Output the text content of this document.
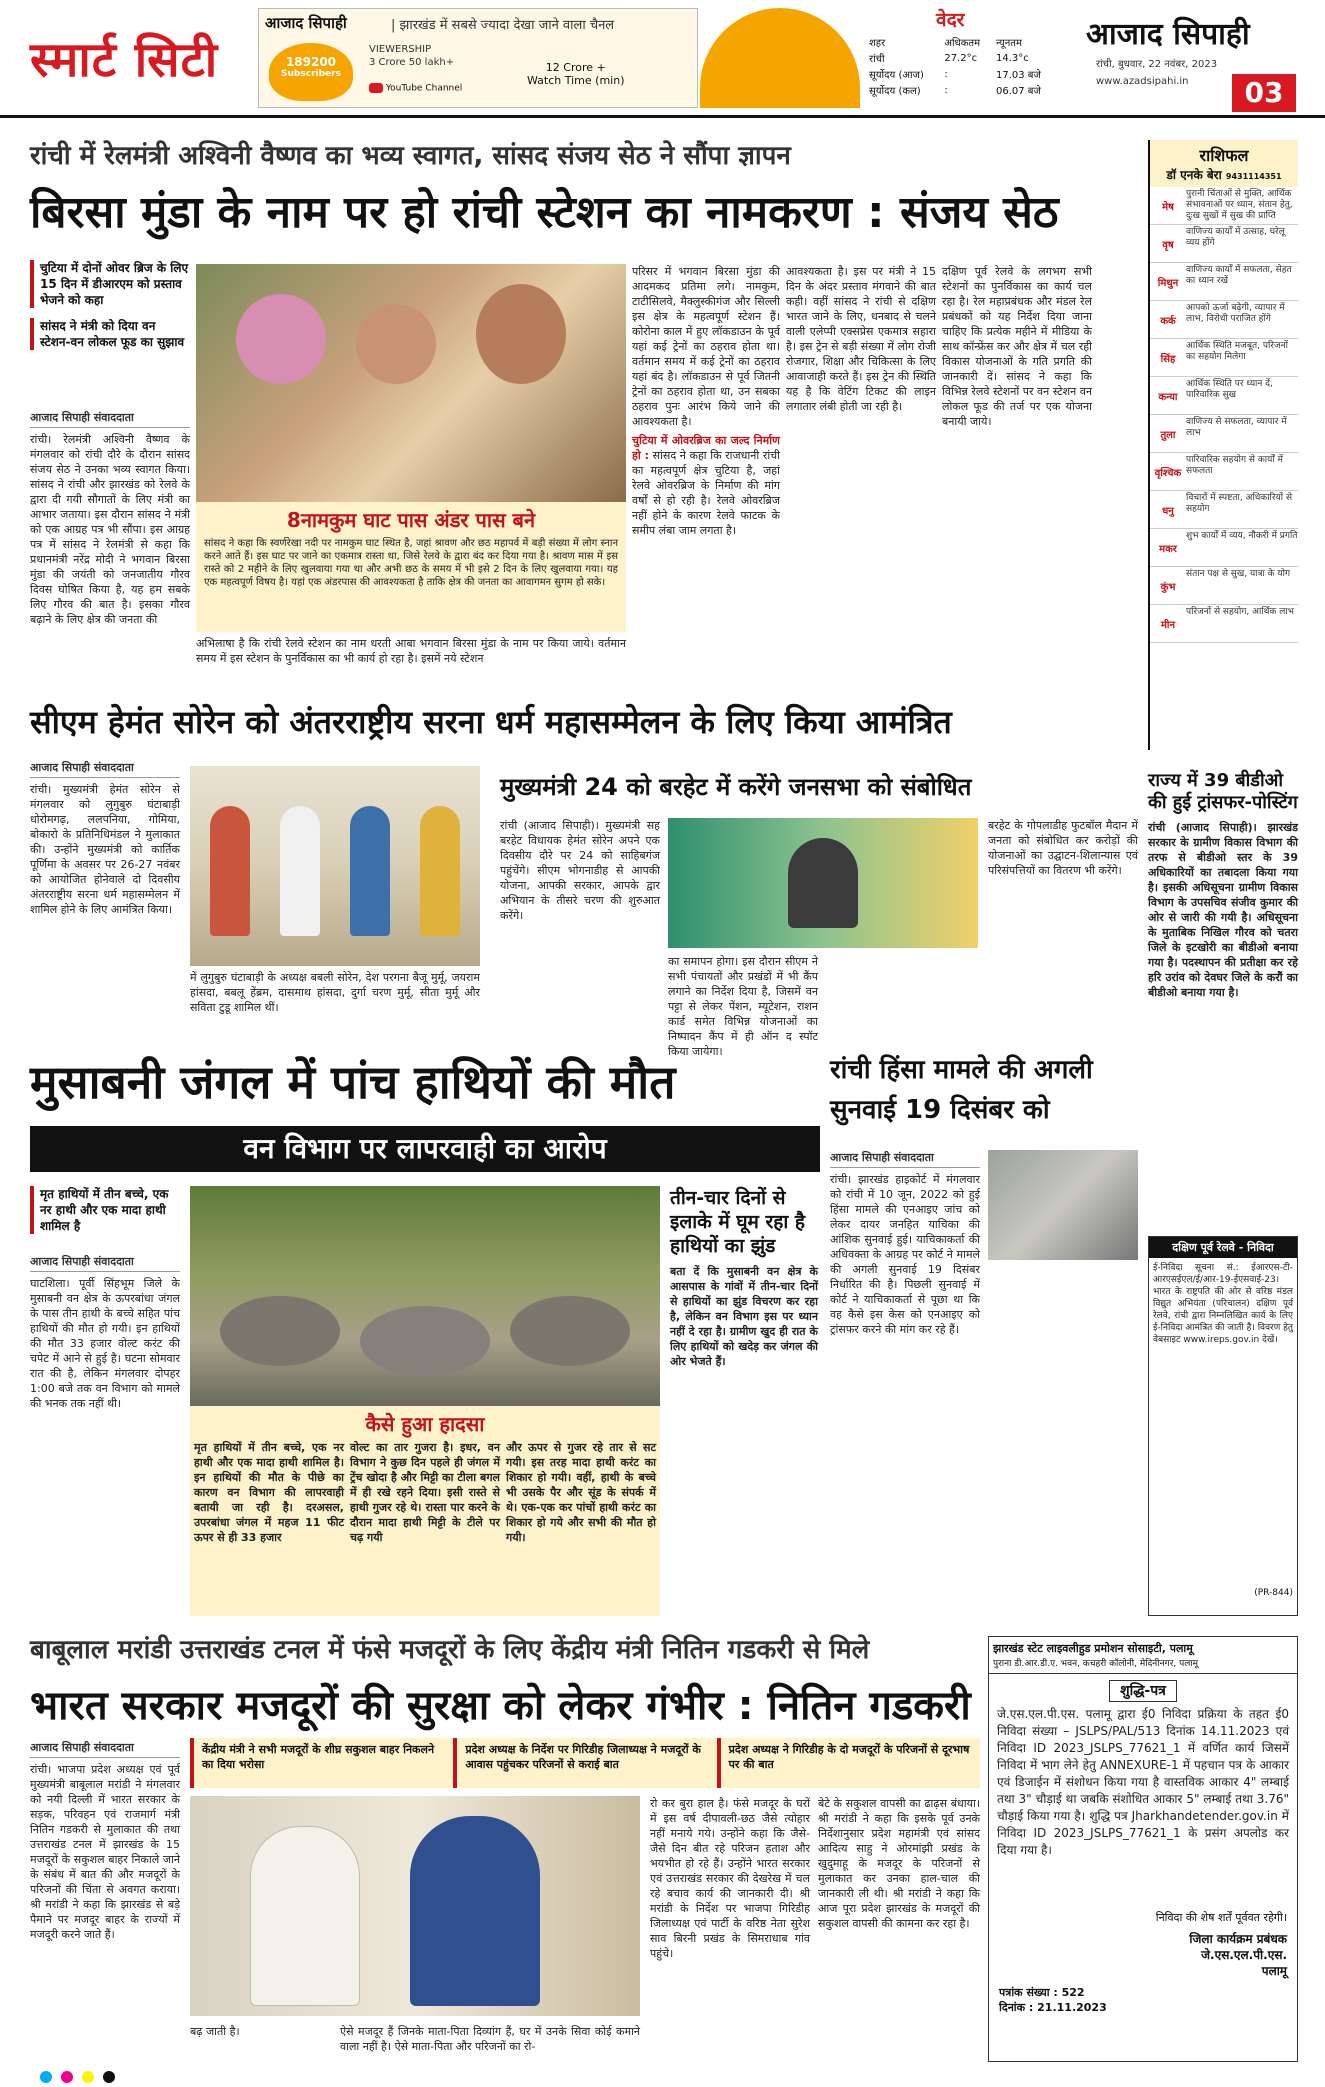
स्मार्ट सिटी
आजाद सिपाही	| झारखंड में सबसे ज्यादा देखा जाने वाला चैनल
189200
Subscribers
VIEWERSHIP
3 Crore 50 lakh+	12 Crore +
Watch Time (min)
YouTube Channel
वेदर
शहर	अधिकतम	न्यूनतम
रांची	27.2°c	14.3°c
सूर्योदय (आज)	:	17.03 बजे
सूर्योदय (कल)	:	06.07 बजे
आजाद सिपाही
रांची, बुधवार, 22 नवंबर, 2023
www.azadsipahi.in	03
रांची में रेलमंत्री अश्विनी वैष्णव का भव्य स्वागत, सांसद संजय सेठ ने सौंपा ज्ञापन
बिरसा मुंडा के नाम पर हो रांची स्टेशन का नामकरण : संजय सेठ
चुटिया में दोनों ओवर ब्रिज के लिए 15 दिन में डीआरएम को प्रस्ताव भेजने को कहा
सांसद ने मंत्री को दिया वन स्टेशन-वन लोकल फूड का सुझाव
आजाद सिपाही संवाददाता

रांची। रेलमंत्री अश्विनी वैष्णव के मंगलवार को रांची दौरे के दौरान सांसद संजय सेठ ने उनका भव्य स्वागत किया। सांसद ने रांची और झारखंड को रेलवे के द्वारा दी गयी सौगातों के लिए मंत्री का आभार जताया। इस दौरान सांसद ने मंत्री को एक आग्रह पत्र भी सौंपा। इस आग्रह पत्र में सांसद ने रेलमंत्री से कहा कि प्रधानमंत्री नरेंद्र मोदी ने भगवान बिरसा मुंडा की जयंती को जनजातीय गौरव दिवस घोषित किया है, यह हम सबके लिए गौरव की बात है। इसका गौरव बढ़ाने के लिए क्षेत्र की जनता की

8नामकुम घाट पास अंडर पास बने
सांसद ने कहा कि स्वर्णरेखा नदी पर नामकुम घाट स्थित है, जहां श्रावण और छठ महापर्व में बड़ी संख्या में लोग स्नान करने आते हैं। इस घाट पर जाने का एकमात्र रास्ता था, जिसे रेलवे के द्वारा बंद कर दिया गया है। श्रावण मास में इस रास्ते को 2 महीने के लिए खुलवाया गया था और अभी छठ के समय में भी इसे 2 दिन के लिए खुलवाया गया। यह एक महत्वपूर्ण विषय है। यहां एक अंडरपास की आवश्यकता है ताकि क्षेत्र की जनता का आवागमन सुगम हो सके।
अभिलाषा है कि रांची रेलवे स्टेशन का नाम धरती आबा भगवान बिरसा मुंडा के नाम पर किया जाये। वर्तमान समय में इस स्टेशन के पुनर्विकास का भी कार्य हो रहा है। इसमें नये स्टेशन

परिसर में भगवान बिरसा मुंडा की आदमकद प्रतिमा लगे। नामकुम, टाटीसिलवे, मैक्लुस्कीगंज और सिल्ली इस क्षेत्र के महत्वपूर्ण स्टेशन हैं। कोरोना काल में हुए लॉकडाउन के पूर्व यहां कई ट्रेनों का ठहराव होता था। वर्तमान समय में कई ट्रेनों का ठहराव यहां बंद है। लॉकडाउन से पूर्व जितनी ट्रेनों का ठहराव होता था, उन सबका ठहराव पुनः आरंभ किये जाने की आवश्यकता है।

चुटिया में ओवरब्रिज का जल्द निर्माण हो : सांसद ने कहा कि राजधानी रांची का महत्वपूर्ण क्षेत्र चुटिया है, जहां रेलवे ओवरब्रिज के निर्माण की मांग वर्षों से हो रही है। रेलवे ओवरब्रिज नहीं होने के कारण रेलवे फाटक के समीप लंबा जाम लगता है।

आवश्यकता है। इस पर मंत्री ने 15 दिन के अंदर प्रस्ताव मंगवाने की बात कही। वहीं सांसद ने रांची से दक्षिण भारत जाने के लिए, धनबाद से चलने वाली एलेप्पी एक्सप्रेस एकमात्र सहारा है। इस ट्रेन से बड़ी संख्या में लोग रोजी रोजगार, शिक्षा और चिकित्सा के लिए आवाजाही करते हैं। इस ट्रेन की स्थिति यह है कि वेटिंग टिकट की लाइन लगातार लंबी होती जा रही है।
दक्षिण पूर्व रेलवे के लगभग सभी स्टेशनों का पुनर्विकास का कार्य चल रहा है। रेल महाप्रबंधक और मंडल रेल प्रबंधकों को यह निर्देश दिया जाना चाहिए कि प्रत्येक महीने में मीडिया के साथ कॉन्फ्रेंस कर और क्षेत्र में चल रही विकास योजनाओं के गति प्रगति की जानकारी दें। सांसद ने कहा कि विभिन्न रेलवे स्टेशनों पर वन स्टेशन वन लोकल फूड की तर्ज पर एक योजना बनायी जाये।
राशिफल
डॉ एनके बेरा 9431114351
मेष
पुरानी चिंताओं से मुक्ति, आर्थिक संभावनाओं पर ध्यान, संतान हेतु, दुःख सुखों में सुख की प्राप्ति
वृष
वाणिज्य कार्यों में उत्साह, घरेलू व्यय होंगे
मिथुन
वाणिज्य कार्यों में सफलता, सेहत का ध्यान रखें
कर्क
आपको ऊर्जा बढ़ेगी, व्यापार में लाभ, विरोधी पराजित होंगे
सिंह
आर्थिक स्थिति मजबूत, परिजनों का सहयोग मिलेगा
कन्या
आर्थिक स्थिति पर ध्यान दें, पारिवारिक सुख
तुला
वाणिज्य से सफलता, व्यापार में लाभ
वृश्चिक
पारिवारिक सहयोग से कार्यों में सफलता
धनु
विचारों में स्पष्टता, अधिकारियों से सहयोग
मकर
शुभ कार्यों में व्यय, नौकरी में प्रगति
कुंभ
संतान पक्ष से सुख, यात्रा के योग
मीन
परिजनों से सहयोग, आर्थिक लाभ
सीएम हेमंत सोरेन को अंतरराष्ट्रीय सरना धर्म महासम्मेलन के लिए किया आमंत्रित
आजाद सिपाही संवाददाता

रांची। मुख्यमंत्री हेमंत सोरेन से मंगलवार को लुगुबुरु घंटाबाड़ी धोरोमगढ़, ललपनिया, गोमिया, बोकारो के प्रतिनिधिमंडल ने मुलाकात की। उन्होंने मुख्यमंत्री को कार्तिक पूर्णिमा के अवसर पर 26-27 नवंबर को आयोजित होनेवाले दो दिवसीय अंतरराष्ट्रीय सरना धर्म महासम्मेलन में शामिल होने के लिए आमंत्रित किया।

में लुगुबुरु घंटाबाड़ी के अध्यक्ष बबली सोरेन, देश परगना बैजू मुर्मू, जयराम हांसदा, बबलू हेंब्रम, दासमाथ हांसदा, दुर्गा चरण मुर्मू, सीता मुर्मू और सविता टुडू शामिल थीं।
मुख्यमंत्री 24 को बरहेट में करेंगे जनसभा को संबोधित
रांची (आजाद सिपाही)। मुख्यमंत्री सह बरहेट विधायक हेमंत सोरेन अपने एक दिवसीय दौरे पर 24 को साहिबगंज पहुंचेंगे। सीएम भोगनाडीह से आपकी योजना, आपकी सरकार, आपके द्वार अभियान के तीसरे चरण की शुरुआत करेंगे।
का समापन होगा। इस दौरान सीएम ने सभी पंचायतों और प्रखंडों में भी कैंप लगाने का निर्देश दिया है, जिसमें वन पट्टा से लेकर पेंशन, म्यूटेशन, राशन कार्ड समेत विभिन्न योजनाओं का निष्पादन कैंप में ही ऑन द स्पॉट किया जायेगा।
बरहेट के गोपलाडीह फुटबॉल मैदान में जनता को संबोधित कर करोड़ों की योजनाओं का उद्घाटन-शिलान्यास एवं परिसंपत्तियों का वितरण भी करेंगे।
राज्य में 39 बीडीओ की हुई ट्रांसफर-पोस्टिंग
रांची (आजाद सिपाही)। झारखंड सरकार के ग्रामीण विकास विभाग की तरफ से बीडीओ स्तर के 39 अधिकारियों का तबादला किया गया है। इसकी अधिसूचना ग्रामीण विकास विभाग के उपसचिव संजीव कुमार की ओर से जारी की गयी है। अधिसूचना के मुताबिक निखिल गौरव को चतरा जिले के इटखोरी का बीडीओ बनाया गया है। पदस्थापन की प्रतीक्षा कर रहे हरि उरांव को देवघर जिले के करौं का बीडीओ बनाया गया है।
मुसाबनी जंगल में पांच हाथियों की मौत
वन विभाग पर लापरवाही का आरोप
मृत हाथियों में तीन बच्चे, एक नर हाथी और एक मादा हाथी शामिल है
आजाद सिपाही संवाददाता

घाटशिला। पूर्वी सिंहभूम जिले के मुसाबनी वन क्षेत्र के ऊपरबांधा जंगल के पास तीन हाथी के बच्चे सहित पांच हाथियों की मौत हो गयी। इन हाथियों की मौत 33 हजार वोल्ट करंट की चपेट में आने से हुई है। घटना सोमवार रात की है, लेकिन मंगलवार दोपहर 1:00 बजे तक वन विभाग को मामले की भनक तक नहीं थी।

कैसे हुआ हादसा
मृत हाथियों में तीन बच्चे, एक नर हाथी और एक मादा हाथी शामिल है। इन हाथियों की मौत के पीछे का कारण वन विभाग की लापरवाही बतायी जा रही है। दरअसल, उपरबांधा जंगल में महज 11 फीट ऊपर से ही 33 हजार
वोल्ट का तार गुजरा है। इधर, वन विभाग ने कुछ दिन पहले ही जंगल में ट्रेंच खोदा है और मिट्टी का टीला बगल में ही रखे रहने दिया। इसी रास्ते से हाथी गुजर रहे थे। रास्ता पार करने के दौरान मादा हाथी मिट्टी के टीले पर चढ़ गयी
और ऊपर से गुजर रहे तार से सट गयी। इस तरह मादा हाथी करंट का शिकार हो गयी। वहीं, हाथी के बच्चे भी उसके पैर और सूंड के संपर्क में थे। एक-एक कर पांचों हाथी करंट का शिकार हो गये और सभी की मौत हो गयी।
तीन-चार दिनों से इलाके में घूम रहा है हाथियों का झुंड
बता दें कि मुसाबनी वन क्षेत्र के आसपास के गांवों में तीन-चार दिनों से हाथियों का झुंड विचरण कर रहा है, लेकिन वन विभाग इस पर ध्यान नहीं दे रहा है। ग्रामीण खुद ही रात के लिए हाथियों को खदेड़ कर जंगल की ओर भेजते हैं।
रांची हिंसा मामले की अगली सुनवाई 19 दिसंबर को
आजाद सिपाही संवाददाता

रांची। झारखंड हाइकोर्ट में मंगलवार को रांची में 10 जून, 2022 को हुई हिंसा मामले की एनआइए जांच को लेकर दायर जनहित याचिका की आंशिक सुनवाई हुई। याचिकाकर्ता की अधिवक्ता के आग्रह पर कोर्ट ने मामले की अगली सुनवाई 19 दिसंबर निर्धारित की है। पिछली सुनवाई में कोर्ट ने याचिकाकर्ता से पूछा था कि वह कैसे इस केस को एनआइए को ट्रांसफर करने की मांग कर रहे हैं।

दक्षिण पूर्व रेलवे - निविदा
ई-निविदा सूचना सं.: ईआरएस-टी-आरएसईएल/ई/आर-19-ईएसवाई-23। भारत के राष्ट्रपति की ओर से वरिष्ठ मंडल विद्युत अभियंता (परिचालन) दक्षिण पूर्व रेलवे, रांची द्वारा निम्नलिखित कार्य के लिए ई-निविदा आमंत्रित की जाती है। विवरण हेतु वेबसाइट www.ireps.gov.in देखें।
(PR-844)
बाबूलाल मरांडी उत्तराखंड टनल में फंसे मजदूरों के लिए केंद्रीय मंत्री नितिन गडकरी से मिले
भारत सरकार मजदूरों की सुरक्षा को लेकर गंभीर : नितिन गडकरी
केंद्रीय मंत्री ने सभी मजदूरों के शीघ्र सकुशल बाहर निकलने का दिया भरोसा
प्रदेश अध्यक्ष के निर्देश पर गिरिडीह जिलाध्यक्ष ने मजदूरों के आवास पहुंचकर परिजनों से कराई बात
प्रदेश अध्यक्ष ने गिरिडीह के दो मजदूरों के परिजनों से दूरभाष पर की बात
आजाद सिपाही संवाददाता

रांची। भाजपा प्रदेश अध्यक्ष एवं पूर्व मुख्यमंत्री बाबूलाल मरांडी ने मंगलवार को नयी दिल्ली में भारत सरकार के सड़क, परिवहन एवं राजमार्ग मंत्री नितिन गडकरी से मुलाकात की तथा उत्तराखंड टनल में झारखंड के 15 मजदूरों के सकुशल बाहर निकाले जाने के संबंध में बात की और मजदूरों के परिजनों की चिंता से अवगत कराया। श्री मरांडी ने कहा कि झारखंड से बड़े पैमाने पर मजदूर बाहर के राज्यों में मजदूरी करने जाते हैं।

बढ़ जाती है।	ऐसे मजदूर हैं जिनके माता-पिता दिव्यांग हैं, घर में उनके सिवा कोई कमाने वाला नहीं है। ऐसे माता-पिता और परिजनों का रो-
रो कर बुरा हाल है। फंसे मजदूर के घरों में इस वर्ष दीपावली-छठ जैसे त्योहार नहीं मनाये गये। उन्होंने कहा कि जैसे-जैसे दिन बीत रहे परिजन हताश और भयभीत हो रहे हैं। उन्होंने भारत सरकार एवं उत्तराखंड सरकार की देखरेख में चल रहे बचाव कार्य की जानकारी दी। श्री मरांडी के निर्देश पर भाजपा गिरिडीह जिलाध्यक्ष एवं पार्टी के वरिष्ठ नेता सुरेश साव बिरनी प्रखंड के सिमराधाब गांव पहुंचे।
बेटे के सकुशल वापसी का ढाढ़स बंधाया। श्री मरांडी ने कहा कि इसके पूर्व उनके निर्देशानुसार प्रदेश महामंत्री एवं सांसद आदित्य साहु ने ओरमांझी प्रखंड के खुदुमाहू के मजदूर के परिजनों से मुलाकात कर उनका हाल-चाल की जानकारी ली थी। श्री मरांडी ने कहा कि आज पूरा प्रदेश झारखंड के मजदूरों की सकुशल वापसी की कामना कर रहा है।
झारखंड स्टेट लाइवलीहुड प्रमोशन सोसाइटी, पलामू
पुराना डी.आर.डी.ए. भवन, कचहरी कॉलोनी, मेदिनीनगर, पलामू
शुद्धि-पत्र
जे.एस.एल.पी.एस. पलामू द्वारा ई0 निविदा प्रक्रिया के तहत ई0 निविदा संख्या – JSLPS/PAL/513 दिनांक 14.11.2023 एवं निविदा ID 2023_JSLPS_77621_1 में वर्णित कार्य जिसमें निविदा में भाग लेने हेतु ANNEXURE-1 में पहचान पत्र के आकार एवं डिजाईन में संशोधन किया गया है वास्तविक आकार 4" लम्बाई तथा 3" चौड़ाई था जबकि संशोधित आकार 5" लम्बाई तथा 3.76" चौड़ाई किया गया है। शुद्धि पत्र Jharkhandetender.gov.in में निविदा ID 2023_JSLPS_77621_1 के प्रसंग अपलोड कर दिया गया है।
निविदा की शेष शर्तें पूर्ववत रहेगी।
जिला कार्यक्रम प्रबंधक
जे.एस.एल.पी.एस.
पलामू
पत्रांक संख्या : 522
दिनांक : 21.11.2023
